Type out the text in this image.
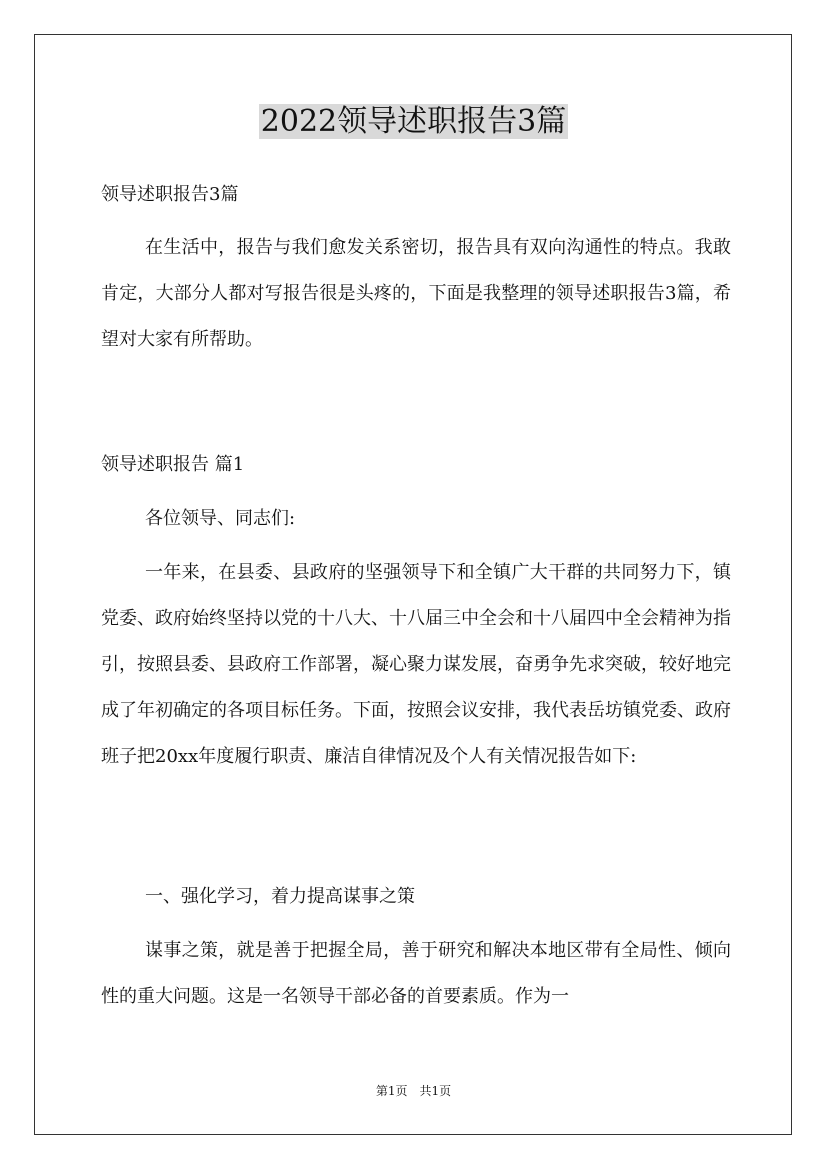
2022领导述职报告3篇

领导述职报告3篇

在生活中，报告与我们愈发关系密切，报告具有双向沟通性的特点。我敢肯定，大部分人都对写报告很是头疼的，下面是我整理的领导述职报告3篇，希望对大家有所帮助。

领导述职报告 篇1

各位领导、同志们:

一年来，在县委、县政府的坚强领导下和全镇广大干群的共同努力下，镇党委、政府始终坚持以党的十八大、十八届三中全会和十八届四中全会精神为指引，按照县委、县政府工作部署，凝心聚力谋发展，奋勇争先求突破，较好地完成了年初确定的各项目标任务。下面，按照会议安排，我代表岳坊镇党委、政府班子把20xx年度履行职责、廉洁自律情况及个人有关情况报告如下:

一、强化学习，着力提高谋事之策

谋事之策，就是善于把握全局，善于研究和解决本地区带有全局性、倾向性的重大问题。这是一名领导干部必备的首要素质。作为一

第1页　共1页
